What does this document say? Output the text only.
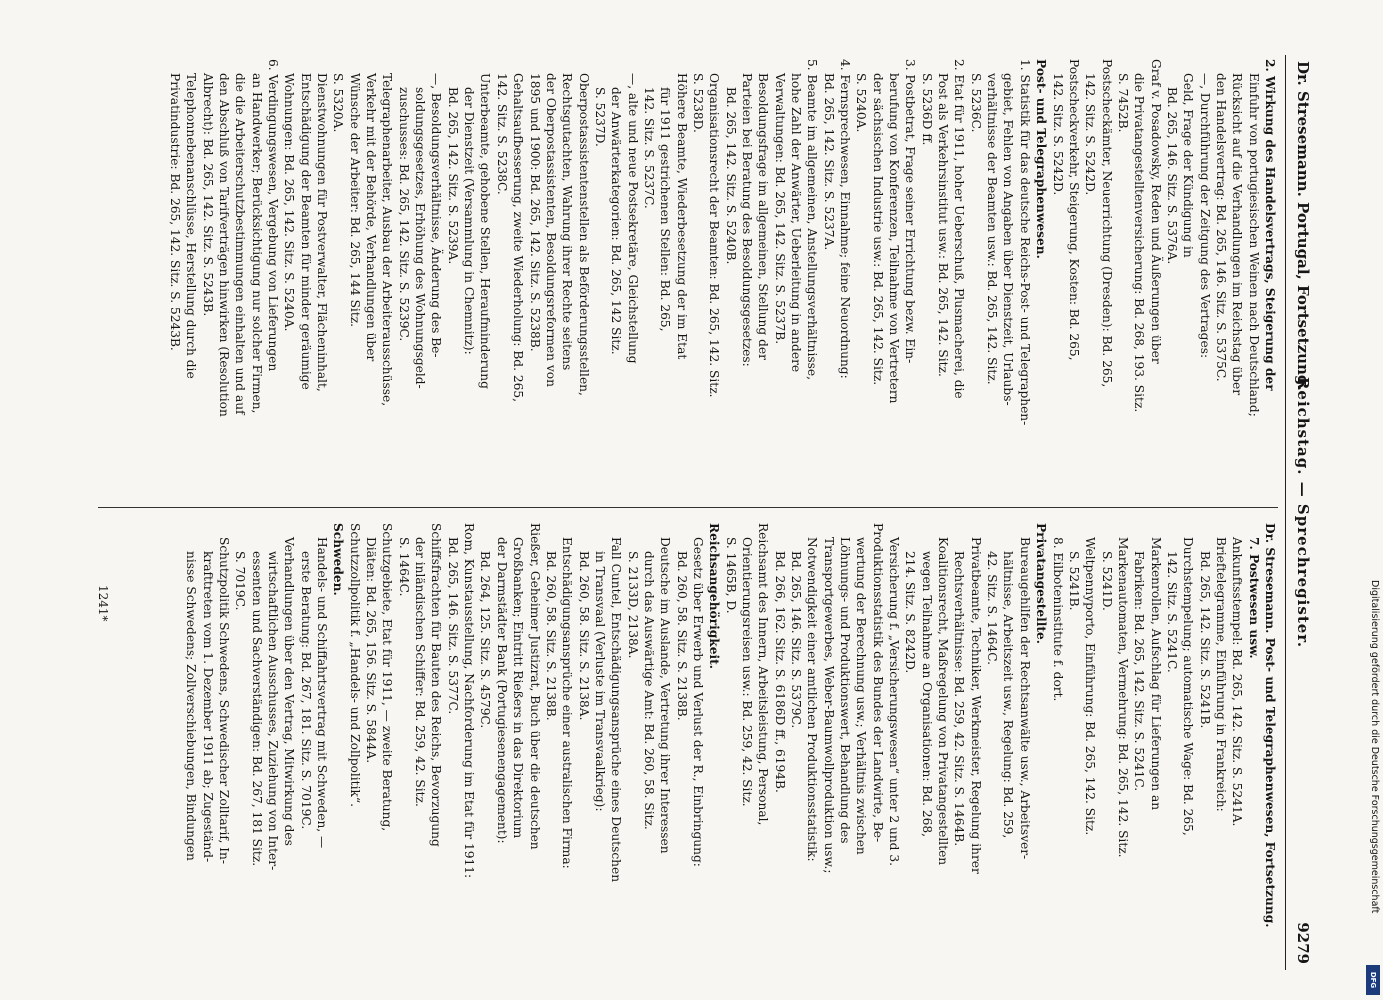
Dr. Stresemann. Portugal, Fortsetzung.
Reichstag. — Sprechregister.
9279
2. Wirkung des Handelsvertrags, Steigerung der
Einfuhr von portugiesischen Weinen nach Deutschland;
Rücksicht auf die Verhandlungen im Reichstag über
den Handelsvertrag: Bd. 265, 146. Sitz. S. 5375C.
—, Durchführung der Zeitgung des Vertrages:
Geld, Frage der Kündigung in
Bd. 265, 146. Sitz. S. 5376A.
Graf v. Posadowsky, Reden und Äußerungen über
die Privatangestelltenversicherung: Bd. 268, 193. Sitz.
S. 7452B.
Postscheckämter, Neuerrichtung (Dresden): Bd. 265,
142. Sitz. S. 5242D.
Postscheckverkehr, Steigerung, Kosten: Bd. 265,
142. Sitz. S. 5242D.
Post- und Telegraphenwesen.
1. Statistik für das deutsche Reichs-Post- und Telegraphen-
gebiet, Fehlen von Angaben über Dienstzeit, Urlaubs-
verhältnisse der Beamten usw.: Bd. 265, 142. Sitz.
S. 5236C.
2. Etat für 1911, hoher Ueberschuß, Plusmacherei, die
Post als Verkehrsinstitut usw.: Bd. 265, 142. Sitz.
S. 5236D ff.
3. Postbetrat, Frage seiner Errichtung bezw. Ein-
berufung von Konferenzen, Teilnahme von Vertretern
der sächsischen Industrie usw.: Bd. 265, 142. Sitz.
S. 5240A.
4. Fernsprechwesen, Einnahme; feine Neuordnung:
Bd. 265, 142. Sitz. S. 5237A.
5. Beamte im allgemeinen, Anstellungsverhältnisse,
hohe Zahl der Anwärter, Ueberleitung in andere
Verwaltungen: Bd. 265, 142. Sitz. S. 5237B.
Besoldungsfrage im allgemeinen, Stellung der
Parteien bei Beratung des Besoldungsgesetzes:
Bd. 265, 142. Sitz. S. 5240B.
Organisationsrecht der Beamten: Bd. 265, 142. Sitz.
S. 5238D.
Höhere Beamte, Wiederbesetzung der im Etat
für 1911 gestrichenen Stellen: Bd. 265,
142. Sitz. S. 5237C.
—, alte und neue Postsekretäre, Gleichstellung
der Anwärterkategorien: Bd. 265, 142 Sitz.
S. 5237D.
Oberpostassistentenstellen als Beförderungsstellen,
Rechtsgutachten, Wahrung ihrer Rechte seitens
der Oberpostassistenten, Besoldungsreformen von
1895 und 1900: Bd. 265, 142. Sitz. S. 5238B.
Gehaltsaufbesserung, zweite Wiederholung: Bd. 265,
142. Sitz. S. 5238C.
Unterbeamte, gehobene Stellen, Heraufminderung
der Dienstzeit (Versammlung in Chemnitz):
Bd. 265, 142. Sitz. S. 5239A.
—, Besoldungsverhältnisse, Änderung des Be-
soldungsgesetzes, Erhöhung des Wohnungsgeld-
zuschusses: Bd. 265, 142. Sitz. S. 5239C.
Telegraphenarbeiter, Ausbau der Arbeiterausschüsse,
Verkehr mit der Behörde, Verhandlungen über
Wünsche der Arbeiter: Bd. 265, 144 Sitz.
S. 5320A.
Dienstwohnungen für Postverwalter, Flächeninhalt,
Entschädigung der Beamten für minder geräumige
Wohnungen: Bd. 265, 142. Sitz. S. 5240A.
6. Verdingungswesen, Vergebung von Lieferungen
an Handwerker; Berücksichtigung nur solcher Firmen,
die die Arbeiterschutzbestimmungen einhalten und auf
den Abschluß von Tarifverträgen hinwirken (Resolution
Albrecht): Bd. 265, 142. Sitz. S. 5243B.
Telephonnebenanschlüsse, Herstellung durch die
Privatindustrie: Bd. 265, 142. Sitz. S. 5243B.
Dr. Stresemann. Post- und Telegraphenwesen, Fortsetzung.
7. Postwesen usw.
Ankunftsstempel: Bd. 265, 142. Sitz. S. 5241A.
Brieftelegramme, Einführung in Frankreich:
Bd. 265, 142. Sitz. S. 5241B.
Durchstempelung; automatische Wage: Bd. 265,
142. Sitz. S. 5241C.
Markenrollen, Aufschlag für Lieferungen an
Fabriken: Bd. 265, 142. Sitz. S. 5241C.
Markenautomaten, Vermehrung: Bd. 265, 142. Sitz.
S. 5241D.
Weltpennyporto, Einführung: Bd. 265, 142. Sitz.
S. 5241B.
8. Eilboteninstitute f. dort.
Privatangestellte.
Bureaugehilfen der Rechtsanwälte usw., Arbeitsver-
hältnisse, Arbeitszeit usw., Regelung: Bd. 259,
42. Sitz. S. 1464C.
Privatbeamte, Techniker, Werkmeister, Regelung ihrer
Rechtsverhältnisse: Bd. 259, 42. Sitz. S. 1464B.
Koalitionsrecht, Maßregelung von Privatangestellten
wegen Teilnahme an Organisationen: Bd. 268,
214. Sitz. S. 8242D.
Versicherung f. „Versicherungswesen“ unter 2 und 3.
Produktionsstatistik des Bundes der Landwirte, Be-
wertung der Berechnung usw.; Verhältnis zwischen
Löhnungs- und Produktionswert, Behandlung des
Transportgewerbes, Weber-Baumwollproduktion usw.;
Notwendigkeit einer amtlichen Produktionsstatistik:
Bd. 265, 146. Sitz. S. 5379C.
Bd. 266, 162. Sitz. S. 6186D ff., 6194B.
Reichsamt des Innern, Arbeitsleistung, Personal,
Orientierungsreisen usw.: Bd. 259, 42. Sitz.
S. 1465B, D.
Reichsangehörigkeit.
Gesetz über Erwerb und Verlust der R., Einbringung:
Bd. 260, 58. Sitz. S. 2138B.
Deutsche im Auslande, Vertretung ihrer Interessen
durch das Auswärtige Amt: Bd. 260, 58. Sitz.
S. 2133D, 2138A.
Fall Cuntel, Entschädigungsansprüche eines Deutschen
in Transvaal (Verluste im Transvaalkrieg):
Bd. 260, 58. Sitz. S. 2138A.
Entschädigungsansprüche einer australischen Firma:
Bd. 260, 58. Sitz. S. 2138B.
Rießer, Geheimer Justizrat, Buch über die deutschen
Großbanken; Eintritt Rießers in das Direktorium
der Darmstädter Bank (Portugiesenengagement):
Bd. 264, 125. Sitz. S. 4579C.
Rom, Kunstausstellung, Nachforderung im Etat für 1911:
Bd. 265, 146. Sitz. S. 5377C.
Schiffsfrachten für Bauten des Reichs, Bevorzugung
der inländischen Schiffer: Bd. 259, 42. Sitz.
S. 1464C.
Schutzgebiete, Etat für 1911, — zweite Beratung,
Diäten: Bd. 265, 156. Sitz. S. 5844A.
Schutzzollpolitik f. „Handels- und Zollpolitik“.
Schweden.
Handels- und Schiffahrtsvertrag mit Schweden, —
erste Beratung: Bd. 267, 181. Sitz. S. 7019C.
Verhandlungen über den Vertrag, Mitwirkung des
wirtschaftlichen Ausschusses, Zuziehung von Inter-
essenten und Sachverständigen: Bd. 267, 181 Sitz.
S. 7019C.
Schutzpolitik Schwedens, Schwedischer Zolltarif, In-
krafttreten vom 1. Dezember 1911 ab; Zugeständ-
nisse Schwedens; Zollverschiebungen, Bindungen
1241*	Digitalisierung gefördert durch die Deutsche Forschungsgemeinschaft
DFG
